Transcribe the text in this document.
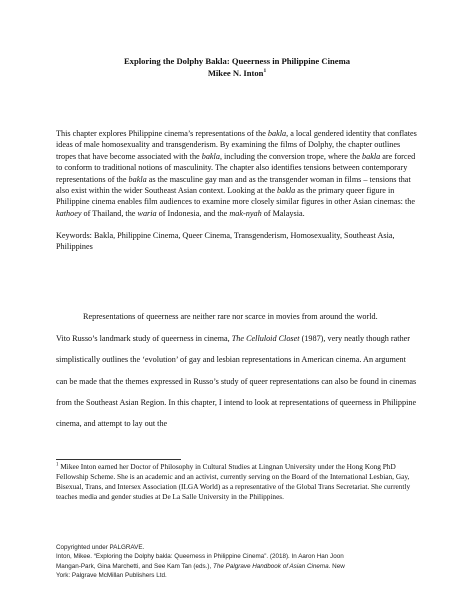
Exploring the Dolphy Bakla: Queerness in Philippine Cinema
Mikee N. Inton$^1$

This chapter explores Philippine cinema’s representations of the bakla, a local gendered identity that conflates ideas of male homosexuality and transgenderism. By examining the films of Dolphy, the chapter outlines tropes that have become associated with the bakla, including the conversion trope, where the bakla are forced to conform to traditional notions of masculinity. The chapter also identifies tensions between contemporary representations of the bakla as the masculine gay man and as the transgender woman in films – tensions that also exist within the wider Southeast Asian context. Looking at the bakla as the primary queer figure in Philippine cinema enables film audiences to examine more closely similar figures in other Asian cinemas: the kathoey of Thailand, the waria of Indonesia, and the mak-nyah of Malaysia.

Keywords: Bakla, Philippine Cinema, Queer Cinema, Transgenderism, Homosexuality, Southeast Asia, Philippines

Representations of queerness are neither rare nor scarce in movies from around the world.

Vito Russo’s landmark study of queerness in cinema, The Celluloid Closet (1987), very neatly though rather simplistically outlines the ‘evolution’ of gay and lesbian representations in American cinema. An argument can be made that the themes expressed in Russo’s study of queer representations can also be found in cinemas from the Southeast Asian Region. In this chapter, I intend to look at representations of queerness in Philippine cinema, and attempt to lay out the

$^1$ Mikee Inton earned her Doctor of Philosophy in Cultural Studies at Lingnan University under the Hong Kong PhD Fellowship Scheme. She is an academic and an activist, currently serving on the Board of the International Lesbian, Gay, Bisexual, Trans, and Intersex Association (ILGA World) as a representative of the Global Trans Secretariat. She currently teaches media and gender studies at De La Salle University in the Philippines.

Copyrighted under PALGRAVE.
Inton, Mikee. “Exploring the Dolphy bakla: Queerness in Philippine Cinema”. (2018). In Aaron Han Joon
Mangan-Park, Gina Marchetti, and See Kam Tan (eds.), The Palgrave Handbook of Asian Cinema. New
York: Palgrave McMillan Publishers Ltd.
